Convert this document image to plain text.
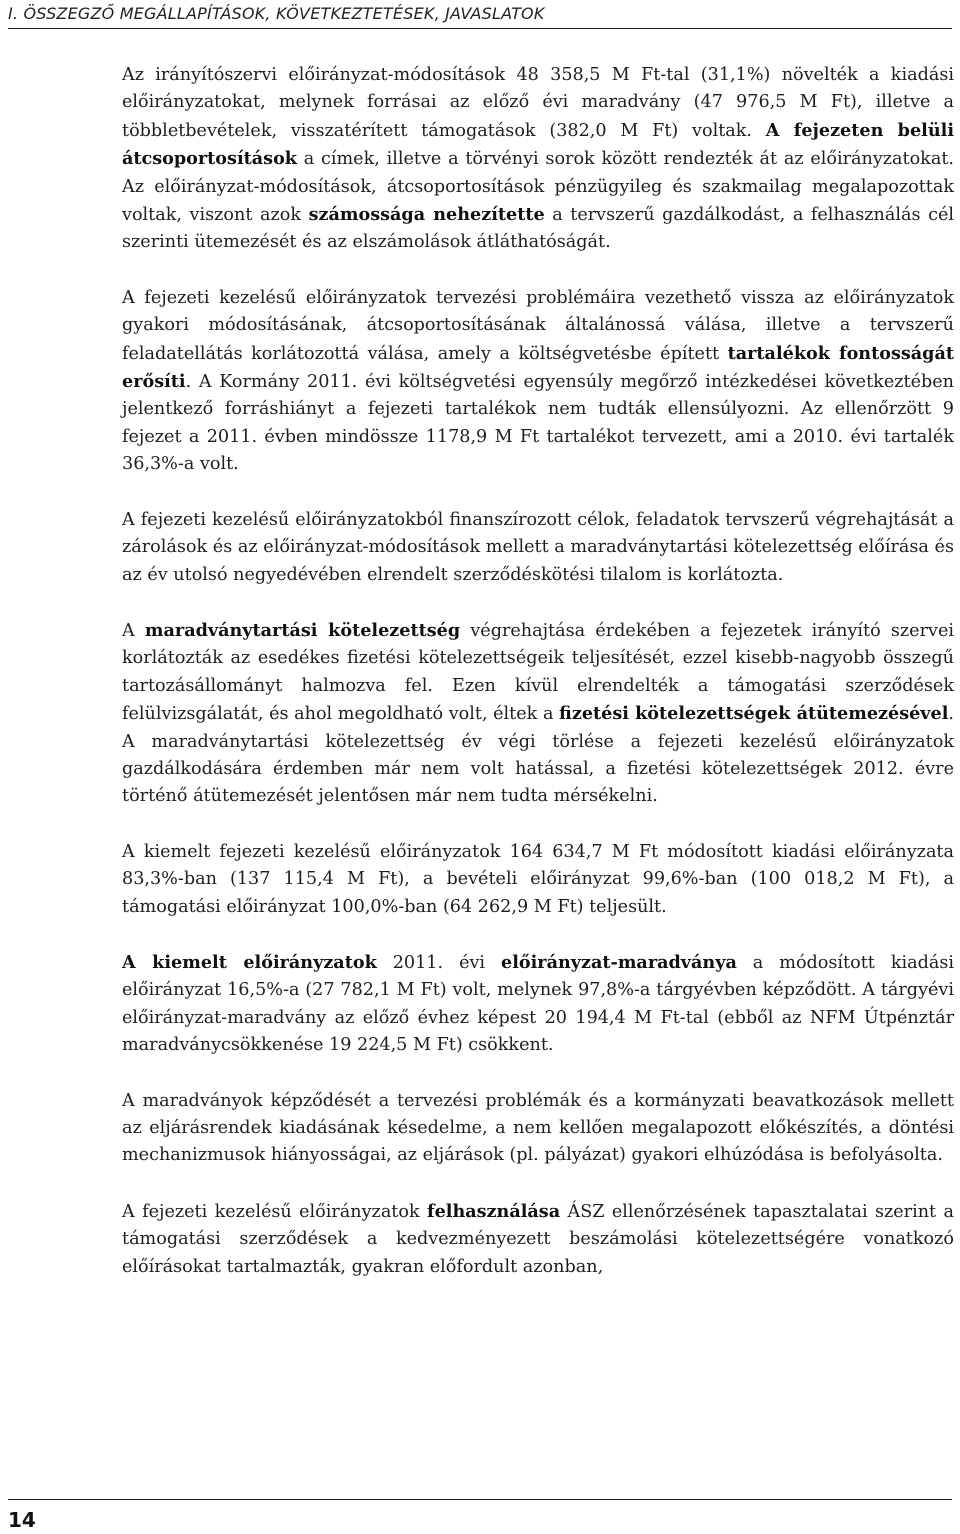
I. ÖSSZEGZŐ MEGÁLLAPÍTÁSOK, KÖVETKEZTETÉSEK, JAVASLATOK

Az irányítószervi előirányzat-módosítások 48 358,5 M Ft-tal (31,1%) növelték a kiadási előirányzatokat, melynek forrásai az előző évi maradvány (47 976,5 M Ft), illetve a többletbevételek, visszatérített támogatások (382,0 M Ft) voltak. A fejezeten belüli átcsoportosítások a címek, illetve a törvényi sorok között rendezték át az előirányzatokat. Az előirányzat-módosítások, átcsoportosítások pénzügyileg és szakmailag megalapozottak voltak, viszont azok számossága nehezítette a tervszerű gazdálkodást, a felhasználás cél szerinti ütemezését és az elszámolások átláthatóságát.

A fejezeti kezelésű előirányzatok tervezési problémáira vezethető vissza az előirányzatok gyakori módosításának, átcsoportosításának általánossá válása, illetve a tervszerű feladatellátás korlátozottá válása, amely a költségvetésbe épített tartalékok fontosságát erősíti. A Kormány 2011. évi költségvetési egyensúly megőrző intézkedései következtében jelentkező forráshiányt a fejezeti tartalékok nem tudták ellensúlyozni. Az ellenőrzött 9 fejezet a 2011. évben mindössze 1178,9 M Ft tartalékot tervezett, ami a 2010. évi tartalék 36,3%-a volt.

A fejezeti kezelésű előirányzatokból finanszírozott célok, feladatok tervszerű végrehajtását a zárolások és az előirányzat-módosítások mellett a maradványtartási kötelezettség előírása és az év utolsó negyedévében elrendelt szerződéskötési tilalom is korlátozta.

A maradványtartási kötelezettség végrehajtása érdekében a fejezetek irányító szervei korlátozták az esedékes fizetési kötelezettségeik teljesítését, ezzel kisebb-nagyobb összegű tartozásállományt halmozva fel. Ezen kívül elrendelték a támogatási szerződések felülvizsgálatát, és ahol megoldható volt, éltek a fizetési kötelezettségek átütemezésével. A maradványtartási kötelezettség év végi törlése a fejezeti kezelésű előirányzatok gazdálkodására érdemben már nem volt hatással, a fizetési kötelezettségek 2012. évre történő átütemezését jelentősen már nem tudta mérsékelni.

A kiemelt fejezeti kezelésű előirányzatok 164 634,7 M Ft módosított kiadási előirányzata 83,3%-ban (137 115,4 M Ft), a bevételi előirányzat 99,6%-ban (100 018,2 M Ft), a támogatási előirányzat 100,0%-ban (64 262,9 M Ft) teljesült.

A kiemelt előirányzatok 2011. évi előirányzat-maradványa a módosított kiadási előirányzat 16,5%-a (27 782,1 M Ft) volt, melynek 97,8%-a tárgyévben képződött. A tárgyévi előirányzat-maradvány az előző évhez képest 20 194,4 M Ft-tal (ebből az NFM Útpénztár maradványcsökkenése 19 224,5 M Ft) csökkent.

A maradványok képződését a tervezési problémák és a kormányzati beavatkozások mellett az eljárásrendek kiadásának késedelme, a nem kellően megalapozott előkészítés, a döntési mechanizmusok hiányosságai, az eljárások (pl. pályázat) gyakori elhúzódása is befolyásolta.

A fejezeti kezelésű előirányzatok felhasználása ÁSZ ellenőrzésének tapasztalatai szerint a támogatási szerződések a kedvezményezett beszámolási kötelezettségére vonatkozó előírásokat tartalmazták, gyakran előfordult azonban,

14
